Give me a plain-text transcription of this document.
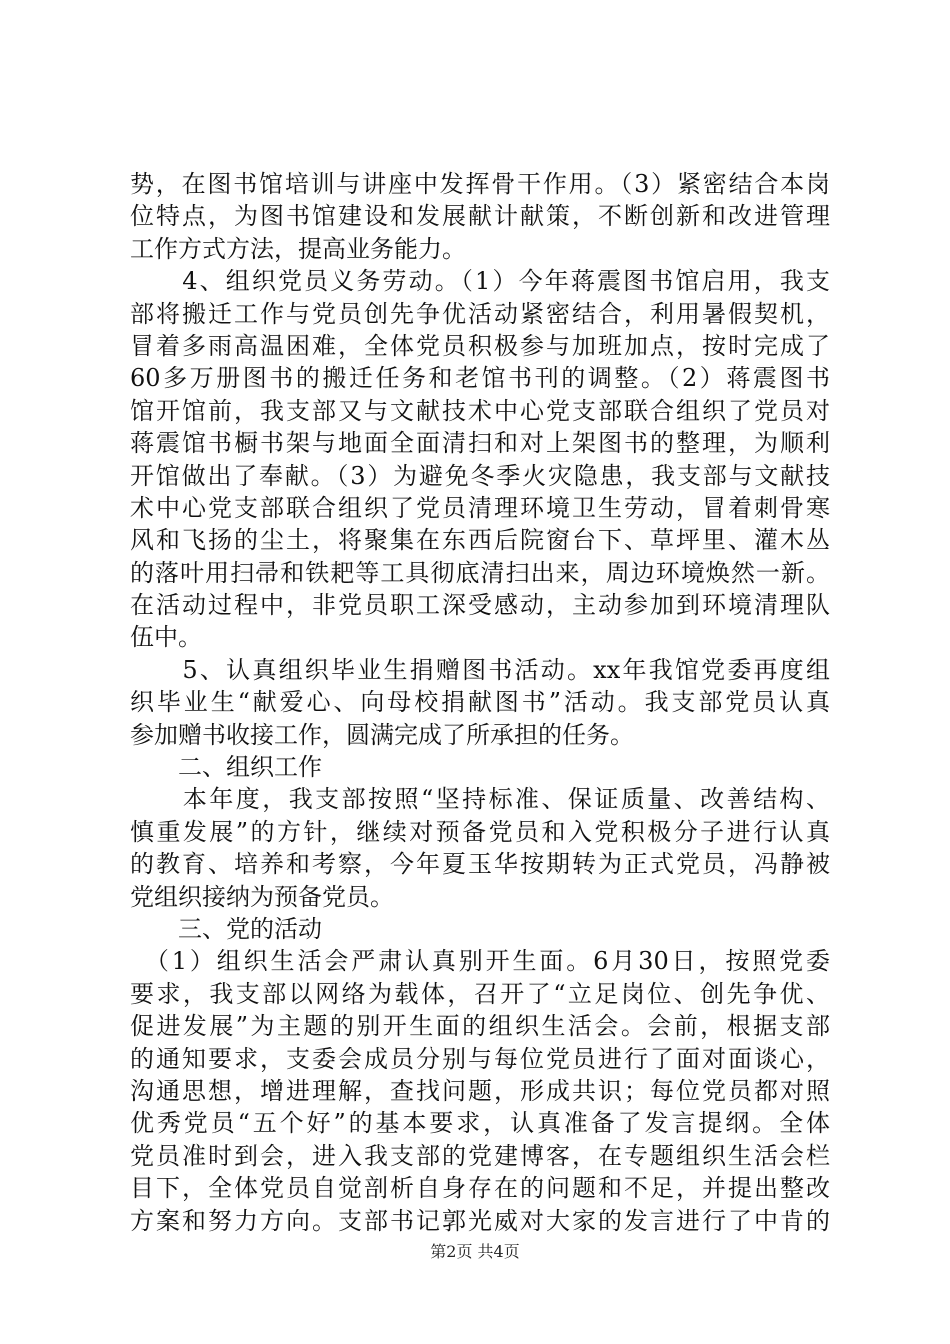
势，在图书馆培训与讲座中发挥骨干作用。（3）紧密结合本岗
位特点，为图书馆建设和发展献计献策，不断创新和改进管理
工作方式方法，提高业务能力。
　　4、组织党员义务劳动。（1）今年蒋震图书馆启用，我支
部将搬迁工作与党员创先争优活动紧密结合，利用暑假契机，
冒着多雨高温困难，全体党员积极参与加班加点，按时完成了
60多万册图书的搬迁任务和老馆书刊的调整。（2）蒋震图书
馆开馆前，我支部又与文献技术中心党支部联合组织了党员对
蒋震馆书橱书架与地面全面清扫和对上架图书的整理，为顺利
开馆做出了奉献。（3）为避免冬季火灾隐患，我支部与文献技
术中心党支部联合组织了党员清理环境卫生劳动，冒着刺骨寒
风和飞扬的尘土，将聚集在东西后院窗台下、草坪里、灌木丛
的落叶用扫帚和铁耙等工具彻底清扫出来，周边环境焕然一新。
在活动过程中，非党员职工深受感动，主动参加到环境清理队
伍中。
　　5、认真组织毕业生捐赠图书活动。xx年我馆党委再度组
织毕业生“献爱心、向母校捐献图书”活动。我支部党员认真
参加赠书收接工作，圆满完成了所承担的任务。
　　二、组织工作
　　本年度，我支部按照“坚持标准、保证质量、改善结构、
慎重发展”的方针，继续对预备党员和入党积极分子进行认真
的教育、培养和考察，今年夏玉华按期转为正式党员，冯静被
党组织接纳为预备党员。
　　三、党的活动
　（1）组织生活会严肃认真别开生面。6月30日，按照党委
要求，我支部以网络为载体，召开了“立足岗位、创先争优、
促进发展”为主题的别开生面的组织生活会。会前，根据支部
的通知要求，支委会成员分别与每位党员进行了面对面谈心，
沟通思想，增进理解，查找问题，形成共识；每位党员都对照
优秀党员“五个好”的基本要求，认真准备了发言提纲。全体
党员准时到会，进入我支部的党建博客，在专题组织生活会栏
目下，全体党员自觉剖析自身存在的问题和不足，并提出整改
方案和努力方向。支部书记郭光威对大家的发言进行了中肯的
第2页 共4页
